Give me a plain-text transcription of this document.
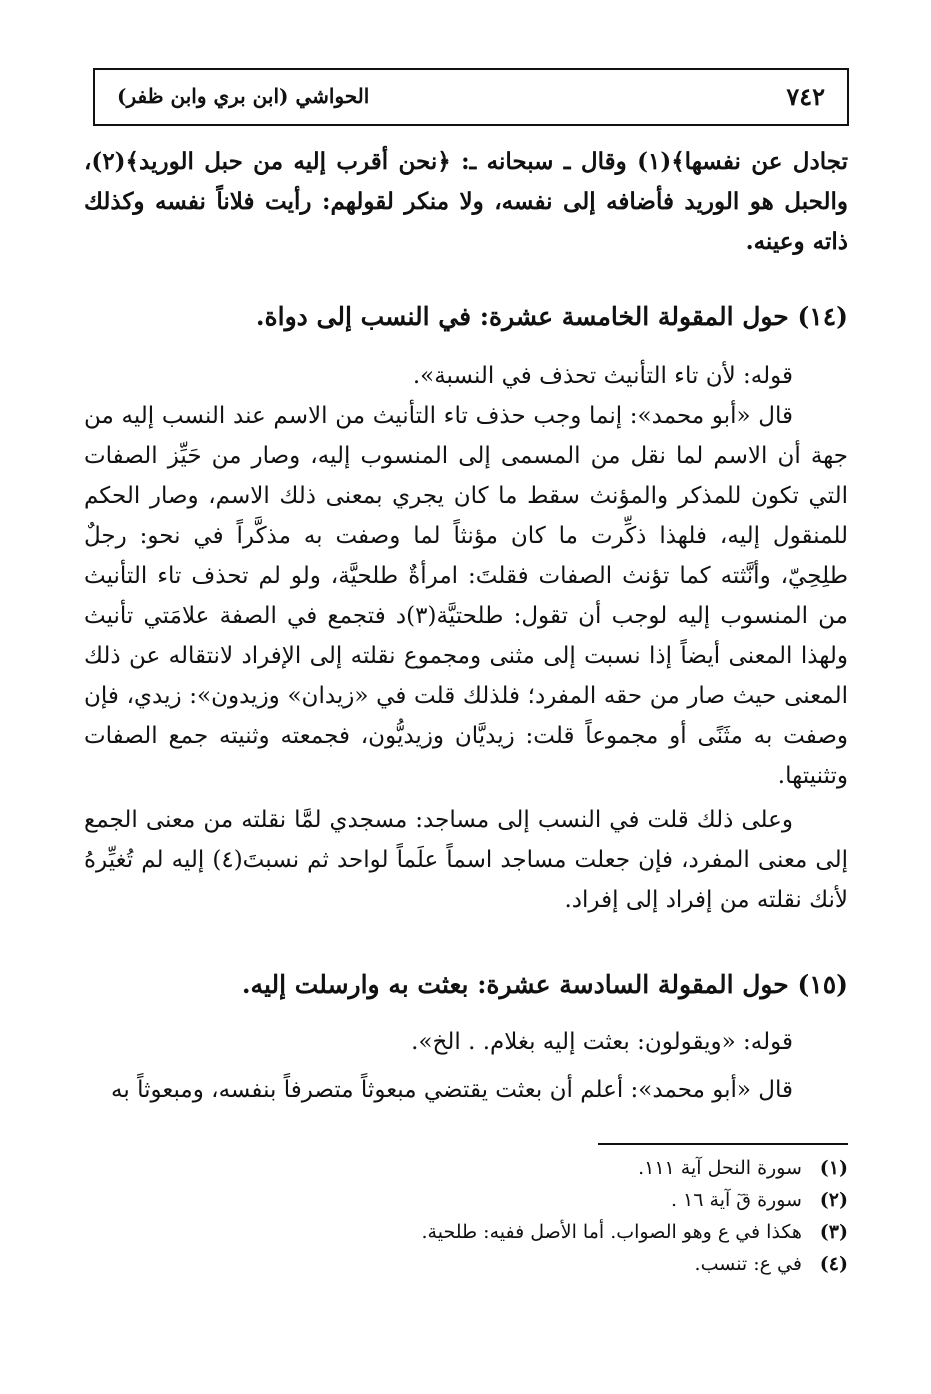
٧٤٢
الحواشي (ابن بري وابن ظفر)

تجادل عن نفسها﴾(١) وقال ـ سبحانه ـ: ﴿نحن أقرب إليه من حبل الوريد﴾(٢)، والحبل هو الوريد فأضافه إلى نفسه، ولا منكر لقولهم: رأيت فلاناً نفسه وكذلك ذاته وعينه.

(١٤) حول المقولة الخامسة عشرة: في النسب إلى دواة.

قوله: لأن تاء التأنيث تحذف في النسبة».

قال «أبو محمد»: إنما وجب حذف تاء التأنيث من الاسم عند النسب إليه من جهة أن الاسم لما نقل من المسمى إلى المنسوب إليه، وصار من حَيِّز الصفات التي تكون للمذكر والمؤنث سقط ما كان يجري بمعنى ذلك الاسم، وصار الحكم للمنقول إليه، فلهذا ذكِّرت ما كان مؤنثاً لما وصفت به مذكَّراً في نحو: رجلٌ طلِحِيّ، وأنَّثته كما تؤنث الصفات فقلتَ: امرأةٌ طلحيَّة، ولو لم تحذف تاء التأنيث من المنسوب إليه لوجب أن تقول: طلحتيَّة(٣)د فتجمع في الصفة علامَتي تأنيث ولهذا المعنى أيضاً إذا نسبت إلى مثنى ومجموع نقلته إلى الإفراد لانتقاله عن ذلك المعنى حيث صار من حقه المفرد؛ فلذلك قلت في «زيدان» وزيدون»: زيدي، فإن وصفت به مثَنًى أو مجموعاً قلت: زيديَّان وزيديُّون، فجمعته وثنيته جمع الصفات وتثنيتها.

وعلى ذلك قلت في النسب إلى مساجد: مسجدي لمَّا نقلته من معنى الجمع إلى معنى المفرد، فإن جعلت مساجد اسماً علَماً لواحد ثم نسبتَ(٤) إليه لم تُغيِّرهُ لأنك نقلته من إفراد إلى إفراد.

(١٥) حول المقولة السادسة عشرة: بعثت به وارسلت إليه.

قوله: «ويقولون: بعثت إليه بغلام. . الخ».

قال «أبو محمد»: أعلم أن بعثت يقتضي مبعوثاً متصرفاً بنفسه، ومبعوثاً به

(١) سورة النحل آية ١١١.
(٢) سورة قٓ آية ١٦ .
(٣) هكذا في ع وهو الصواب. أما الأصل ففيه: طلحية.
(٤) في ع: تنسب.
